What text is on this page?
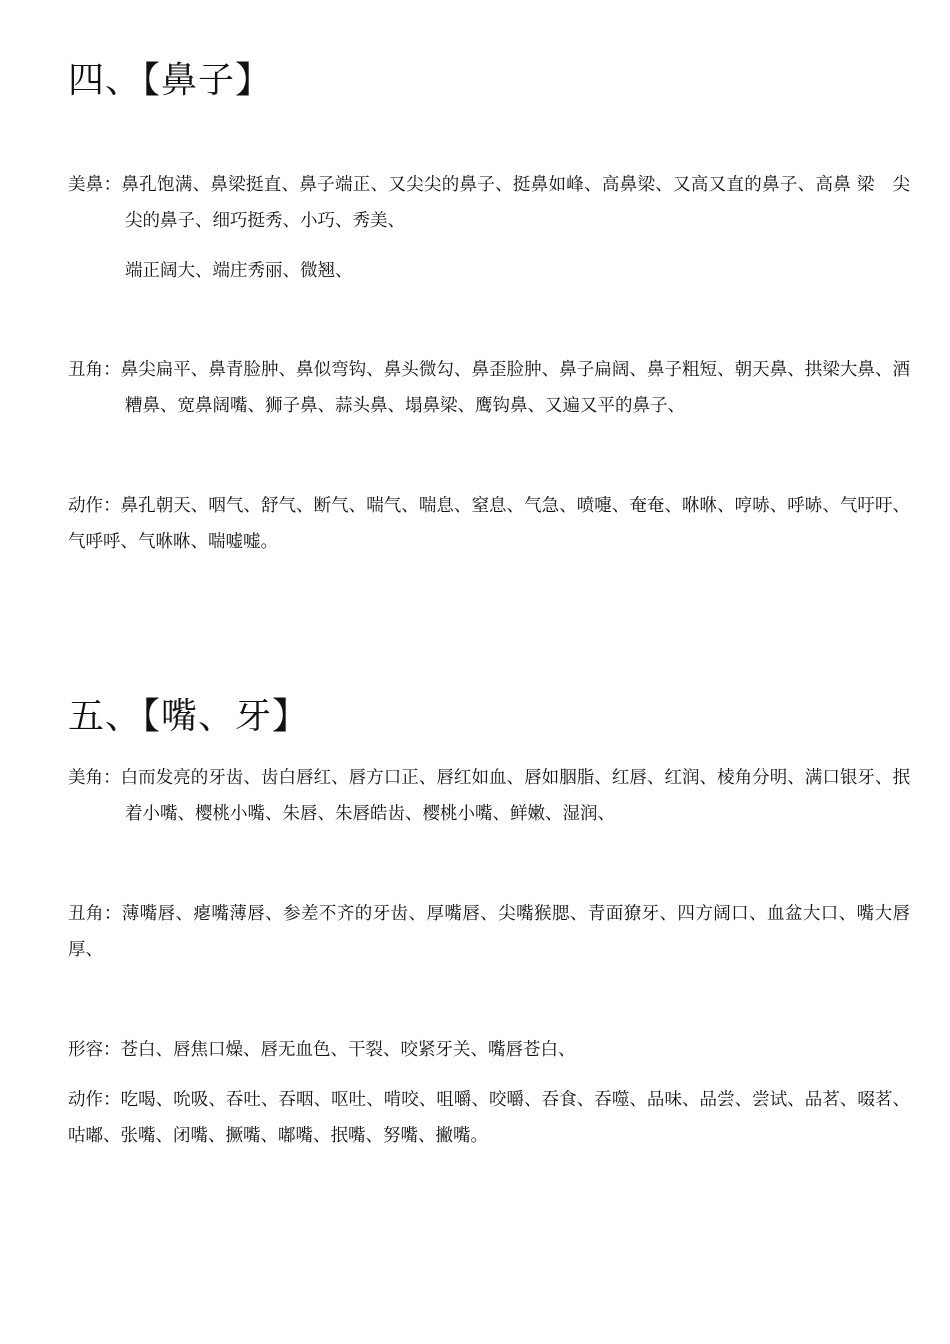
四、【鼻子】

美鼻：鼻孔饱满、鼻梁挺直、鼻子端正、又尖尖的鼻子、挺鼻如峰、高鼻梁、又高又直的鼻子、高鼻 梁　尖尖的鼻子、细巧挺秀、小巧、秀美、

端正阔大、端庄秀丽、微翘、

丑角：鼻尖扁平、鼻青脸肿、鼻似弯钩、鼻头微勾、鼻歪脸肿、鼻子扁阔、鼻子粗短、朝天鼻、拱梁大鼻、酒糟鼻、宽鼻阔嘴、狮子鼻、蒜头鼻、塌鼻梁、鹰钩鼻、又遍又平的鼻子、

动作：鼻孔朝天、咽气、舒气、断气、喘气、喘息、窒息、气急、喷嚏、奄奄、咻咻、哼哧、呼哧、气吁吁、气呼呼、气咻咻、喘嘘嘘。

五、【嘴、牙】

美角：白而发亮的牙齿、齿白唇红、唇方口正、唇红如血、唇如胭脂、红唇、红润、棱角分明、满口银牙、抿着小嘴、樱桃小嘴、朱唇、朱唇皓齿、樱桃小嘴、鲜嫩、湿润、

丑角：薄嘴唇、瘪嘴薄唇、参差不齐的牙齿、厚嘴唇、尖嘴猴腮、青面獠牙、四方阔口、血盆大口、嘴大唇厚、

形容：苍白、唇焦口燥、唇无血色、干裂、咬紧牙关、嘴唇苍白、

动作：吃喝、吮吸、吞吐、吞咽、呕吐、啃咬、咀嚼、咬嚼、吞食、吞噬、品味、品尝、尝试、品茗、啜茗、咕嘟、张嘴、闭嘴、撅嘴、嘟嘴、抿嘴、努嘴、撇嘴。
